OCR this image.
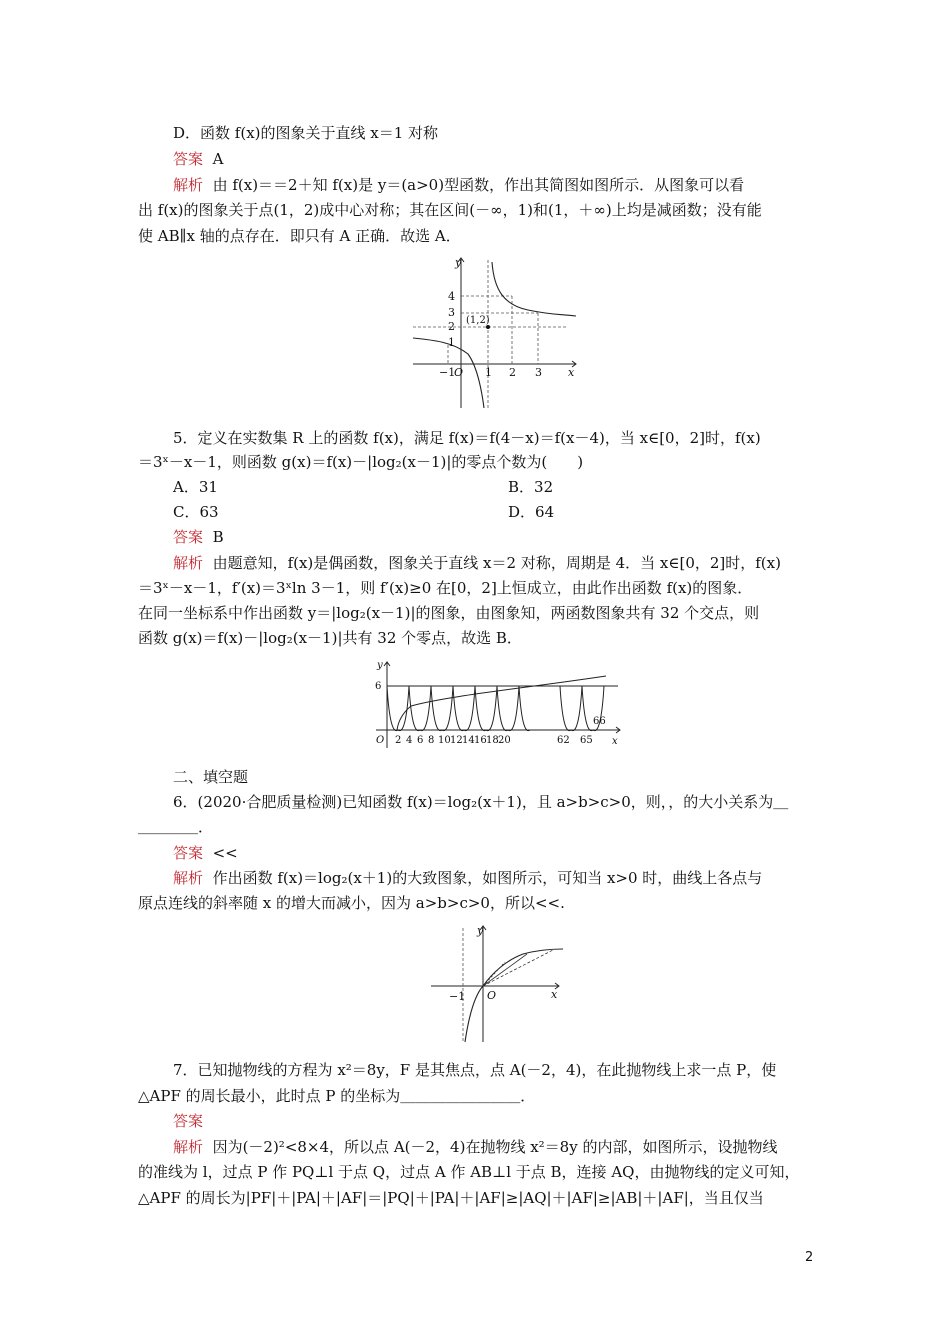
D．函数 f(x)的图象关于直线 x＝1 对称
答案 A
解析 由 f(x)＝＝2＋知 f(x)是 y＝(a>0)型函数，作出其简图如图所示．从图象可以看
出 f(x)的图象关于点(1，2)成中心对称；其在区间(－∞，1)和(1，＋∞)上均是减函数；没有能
使 AB∥x 轴的点存在．即只有 A 正确．故选 A．
y
x
O
4
3
2
1
−1	1 2 3
(1,2)
5．定义在实数集 R 上的函数 f(x)，满足 f(x)＝f(4－x)＝f(x－4)，当 x∈[0，2]时，f(x)
＝3ˣ－x－1，则函数 g(x)＝f(x)－|log₂(x－1)|的零点个数为(　　)
A．31	B．32
C．63	D．64
答案 B
解析 由题意知，f(x)是偶函数，图象关于直线 x＝2 对称，周期是 4．当 x∈[0，2]时，f(x)
＝3ˣ－x－1，f′(x)＝3ˣln 3－1，则 f′(x)≥0 在[0，2]上恒成立，由此作出函数 f(x)的图象．
在同一坐标系中作出函数 y＝|log₂(x－1)|的图象，由图象知，两函数图象共有 32 个交点，则
函数 g(x)＝f(x)－|log₂(x－1)|共有 32 个零点，故选 B．
y
x
O
6
2 4 6 8 10 12 14 16 18 20	62 65
66
二、填空题
6．(2020·合肥质量检测)已知函数 f(x)＝log₂(x＋1)，且 a>b>c>0，则，，的大小关系为＿
＿＿＿＿．
答案 <<
解析 作出函数 f(x)＝log₂(x＋1)的大致图象，如图所示，可知当 x>0 时，曲线上各点与
原点连线的斜率随 x 的增大而减小，因为 a>b>c>0，所以<<.
y
x
O
−1
7．已知抛物线的方程为 x²＝8y，F 是其焦点，点 A(－2，4)，在此抛物线上求一点 P，使
△APF 的周长最小，此时点 P 的坐标为＿＿＿＿＿＿＿＿．
答案
解析 因为(－2)²<8×4，所以点 A(－2，4)在抛物线 x²＝8y 的内部，如图所示，设抛物线
的准线为 l，过点 P 作 PQ⊥l 于点 Q，过点 A 作 AB⊥l 于点 B，连接 AQ，由抛物线的定义可知，
△APF 的周长为|PF|＋|PA|＋|AF|＝|PQ|＋|PA|＋|AF|≥|AQ|＋|AF|≥|AB|＋|AF|，当且仅当
2
